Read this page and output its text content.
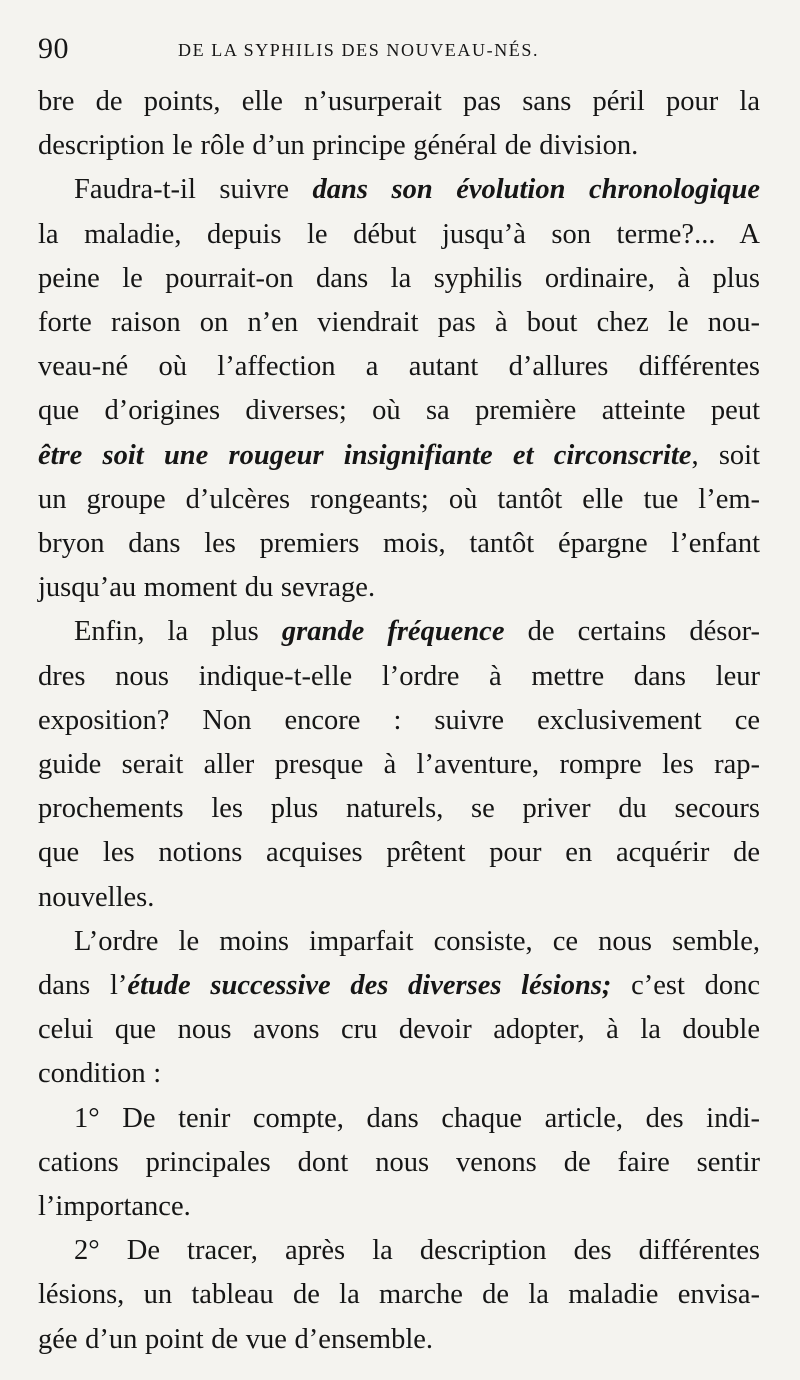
90	DE LA SYPHILIS DES NOUVEAU-NÉS.
bre de points, elle n’usurperait pas sans péril pour la
description le rôle d’un principe général de division.
Faudra-t-il suivre dans son évolution chronologique
la maladie, depuis le début jusqu’à son terme?... A
peine le pourrait-on dans la syphilis ordinaire, à plus
forte raison on n’en viendrait pas à bout chez le nou-
veau-né où l’affection a autant d’allures différentes
que d’origines diverses; où sa première atteinte peut
être soit une rougeur insignifiante et circonscrite, soit
un groupe d’ulcères rongeants; où tantôt elle tue l’em-
bryon dans les premiers mois, tantôt épargne l’enfant
jusqu’au moment du sevrage.
Enfin, la plus grande fréquence de certains désor-
dres nous indique-t-elle l’ordre à mettre dans leur
exposition? Non encore : suivre exclusivement ce
guide serait aller presque à l’aventure, rompre les rap-
prochements les plus naturels, se priver du secours
que les notions acquises prêtent pour en acquérir de
nouvelles.
L’ordre le moins imparfait consiste, ce nous semble,
dans l’étude successive des diverses lésions; c’est donc
celui que nous avons cru devoir adopter, à la double
condition :
1° De tenir compte, dans chaque article, des indi-
cations principales dont nous venons de faire sentir
l’importance.
2° De tracer, après la description des différentes
lésions, un tableau de la marche de la maladie envisa-
gée d’un point de vue d’ensemble.
